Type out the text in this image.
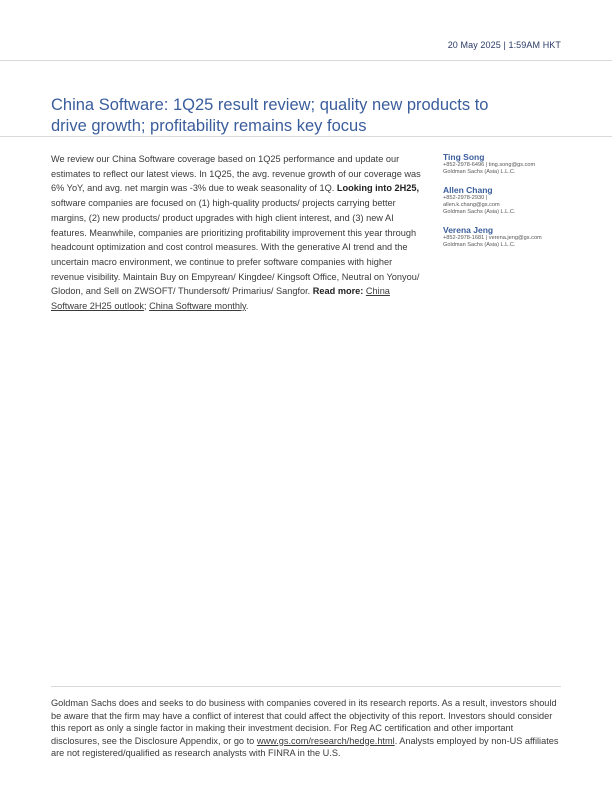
20 May 2025 | 1:59AM HKT
China Software: 1Q25 result review; quality new products to drive growth; profitability remains key focus
We review our China Software coverage based on 1Q25 performance and update our estimates to reflect our latest views. In 1Q25, the avg. revenue growth of our coverage was 6% YoY, and avg. net margin was -3% due to weak seasonality of 1Q. Looking into 2H25, software companies are focused on (1) high-quality products/ projects carrying better margins, (2) new products/ product upgrades with high client interest, and (3) new AI features. Meanwhile, companies are prioritizing profitability improvement this year through headcount optimization and cost control measures. With the generative AI trend and the uncertain macro environment, we continue to prefer software companies with higher revenue visibility. Maintain Buy on Empyrean/ Kingdee/ Kingsoft Office, Neutral on Yonyou/ Glodon, and Sell on ZWSOFT/ Thundersoft/ Primarius/ Sangfor. Read more: China Software 2H25 outlook; China Software monthly.
Ting Song
+852-2978-6496 | ting.song@gs.com
Goldman Sachs (Asia) L.L.C.
Allen Chang
+852-2978-2930 |
allen.k.chang@gs.com
Goldman Sachs (Asia) L.L.C.
Verena Jeng
+852-2978-1681 | verena.jeng@gs.com
Goldman Sachs (Asia) L.L.C.
Goldman Sachs does and seeks to do business with companies covered in its research reports. As a result, investors should be aware that the firm may have a conflict of interest that could affect the objectivity of this report. Investors should consider this report as only a single factor in making their investment decision. For Reg AC certification and other important disclosures, see the Disclosure Appendix, or go to www.gs.com/research/hedge.html. Analysts employed by non-US affiliates are not registered/qualified as research analysts with FINRA in the U.S.
